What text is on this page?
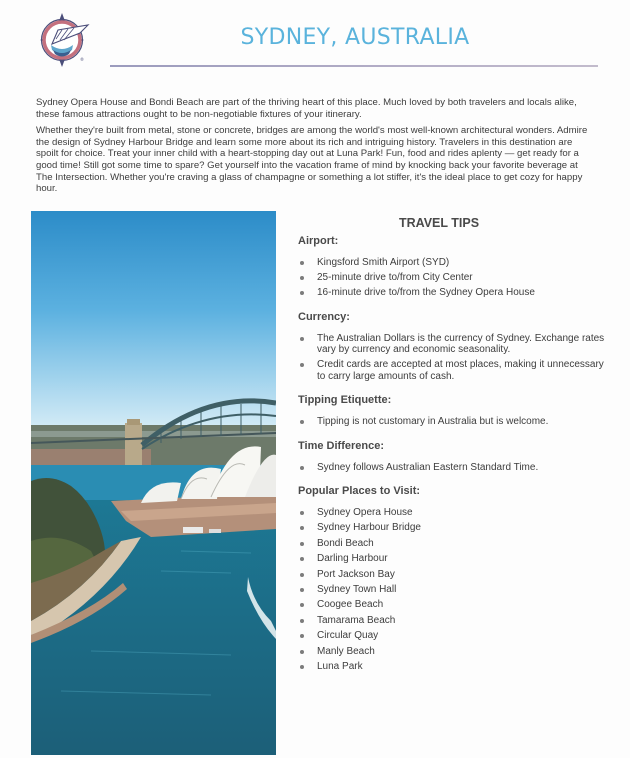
®
SYDNEY, AUSTRALIA

Sydney Opera House and Bondi Beach are part of the thriving heart of this place. Much loved by both travelers and locals alike, these famous attractions ought to be non-negotiable fixtures of your itinerary.

Whether they're built from metal, stone or concrete, bridges are among the world's most well-known architectural wonders. Admire the design of Sydney Harbour Bridge and learn some more about its rich and intriguing history. Travelers in this destination are spoilt for choice. Treat your inner child with a heart-stopping day out at Luna Park! Fun, food and rides aplenty — get ready for a good time! Still got some time to spare? Get yourself into the vacation frame of mind by knocking back your favorite beverage at The Intersection. Whether you're craving a glass of champagne or something a lot stiffer, it's the ideal place to get cozy for happy hour.

TRAVEL TIPS
Airport:
Kingsford Smith Airport (SYD)
25-minute drive to/from City Center
16-minute drive to/from the Sydney Opera House
Currency:
The Australian Dollars is the currency of Sydney. Exchange rates vary by currency and economic seasonality.
Credit cards are accepted at most places, making it unnecessary to carry large amounts of cash.
Tipping Etiquette:
Tipping is not customary in Australia but is welcome.
Time Difference:
Sydney follows Australian Eastern Standard Time.
Popular Places to Visit:
Sydney Opera House
Sydney Harbour Bridge
Bondi Beach
Darling Harbour
Port Jackson Bay
Sydney Town Hall
Coogee Beach
Tamarama Beach
Circular Quay
Manly Beach
Luna Park
